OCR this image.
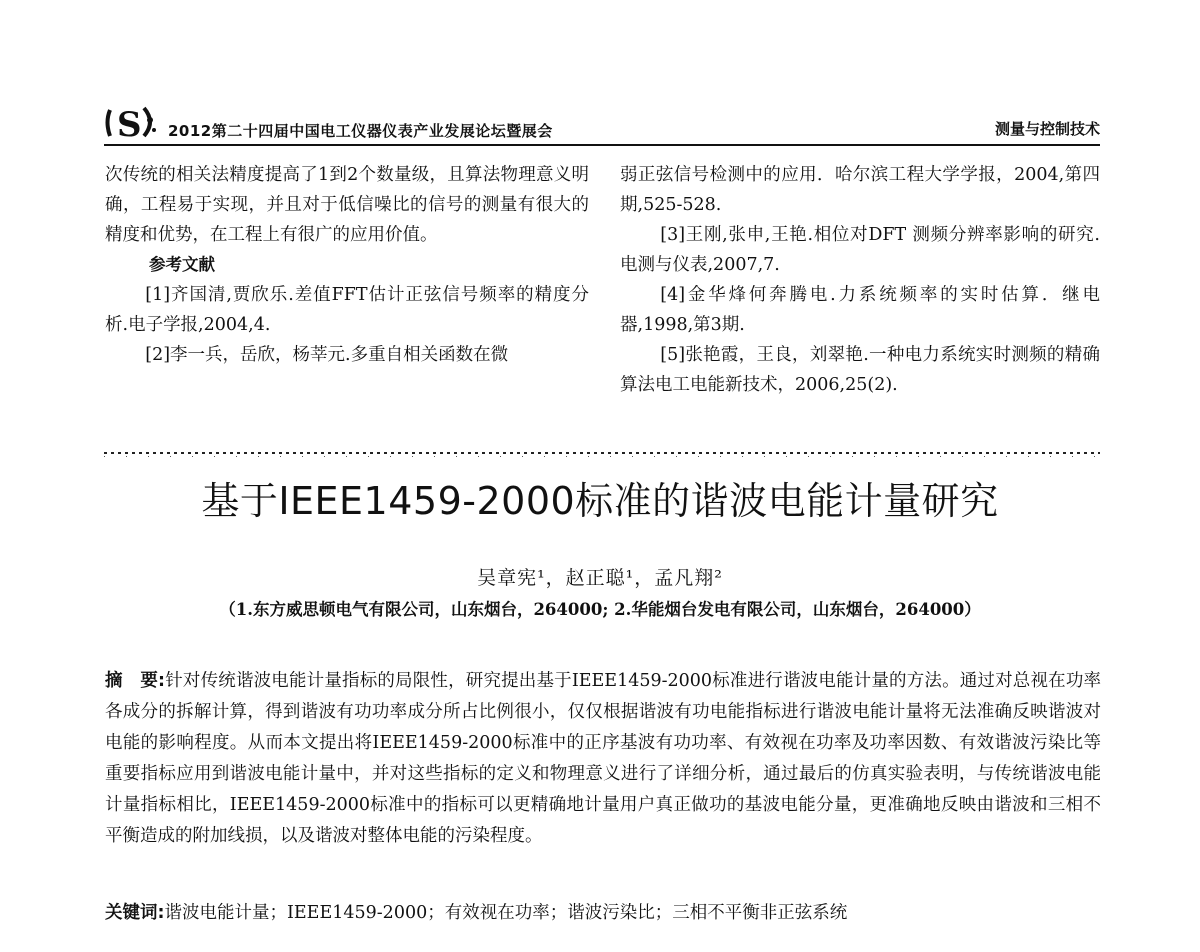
S 2012第二十四届中国电工仪器仪表产业发展论坛暨展会	测量与控制技术

次传统的相关法精度提高了1到2个数量级，且算法物理意义明确，工程易于实现，并且对于低信噪比的信号的测量有很大的精度和优势，在工程上有很广的应用价值。

参考文献

[1]齐国清,贾欣乐.差值FFT估计正弦信号频率的精度分析.电子学报,2004,4.

[2]李一兵，岳欣，杨莘元.多重自相关函数在微

弱正弦信号检测中的应用．哈尔滨工程大学学报，2004,第四期,525-528.

[3]王刚,张申,王艳.相位对DFT 测频分辨率影响的研究.电测与仪表,2007,7.

[4]金华烽何奔腾电.力系统频率的实时估算．继电器,1998,第3期.

[5]张艳霞，王良，刘翠艳.一种电力系统实时测频的精确算法电工电能新技术，2006,25(2).

基于IEEE1459-2000标准的谐波电能计量研究
吴章宪¹，赵正聪¹，孟凡翔²
（1.东方威思顿电气有限公司，山东烟台，264000; 2.华能烟台发电有限公司，山东烟台，264000）

摘　要:针对传统谐波电能计量指标的局限性，研究提出基于IEEE1459-2000标准进行谐波电能计量的方法。通过对总视在功率各成分的拆解计算，得到谐波有功功率成分所占比例很小，仅仅根据谐波有功电能指标进行谐波电能计量将无法准确反映谐波对电能的影响程度。从而本文提出将IEEE1459-2000标准中的正序基波有功功率、有效视在功率及功率因数、有效谐波污染比等重要指标应用到谐波电能计量中，并对这些指标的定义和物理意义进行了详细分析，通过最后的仿真实验表明，与传统谐波电能计量指标相比，IEEE1459-2000标准中的指标可以更精确地计量用户真正做功的基波电能分量，更准确地反映由谐波和三相不平衡造成的附加线损，以及谐波对整体电能的污染程度。

关键词:谐波电能计量；IEEE1459-2000；有效视在功率；谐波污染比；三相不平衡非正弦系统
